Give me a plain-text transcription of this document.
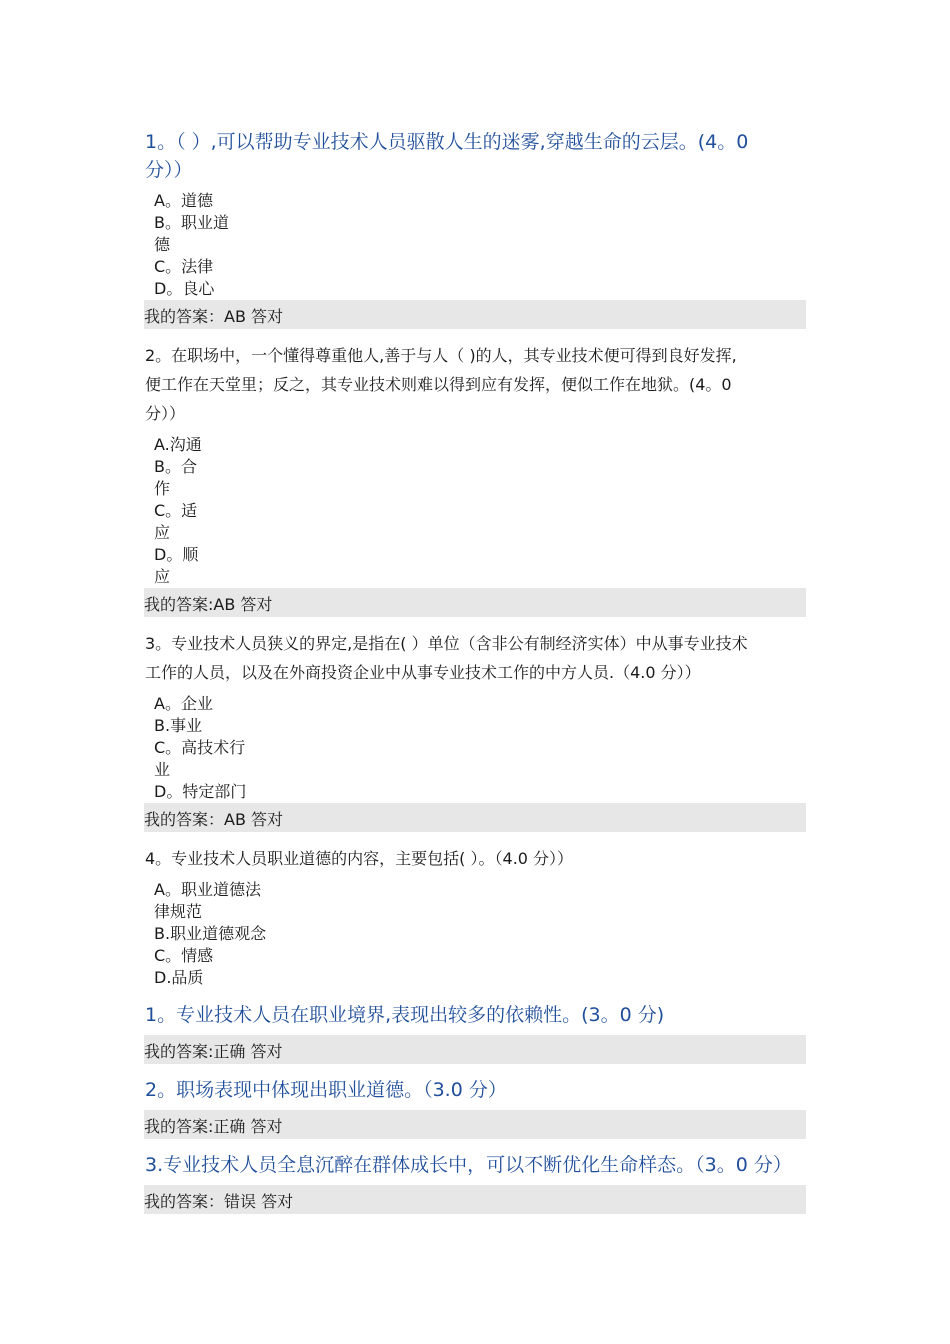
1。（ ）,可以帮助专业技术人员驱散人生的迷雾,穿越生命的云层。(4。0
分））
A。道德
B。职业道
德
C。法律
D。良心
我的答案：AB 答对
2。在职场中，一个懂得尊重他人,善于与人（ )的人，其专业技术便可得到良好发挥,
便工作在天堂里；反之，其专业技术则难以得到应有发挥，便似工作在地狱。(4。0
分））
A.沟通
B。合
作
C。适
应
D。顺
应
我的答案:AB 答对
3。专业技术人员狭义的界定,是指在( ）单位（含非公有制经济实体）中从事专业技术
工作的人员，以及在外商投资企业中从事专业技术工作的中方人员.（4.0 分））
A。企业
B.事业
C。高技术行
业
D。特定部门
我的答案：AB 答对
4。专业技术人员职业道德的内容，主要包括( ）。（4.0 分））
A。职业道德法
律规范
B.职业道德观念
C。情感
D.品质
1。专业技术人员在职业境界,表现出较多的依赖性。(3。0 分)
我的答案:正确 答对
2。职场表现中体现出职业道德。（3.0 分）
我的答案:正确 答对
3.专业技术人员全息沉醉在群体成长中，可以不断优化生命样态。（3。0 分）
我的答案：错误 答对
